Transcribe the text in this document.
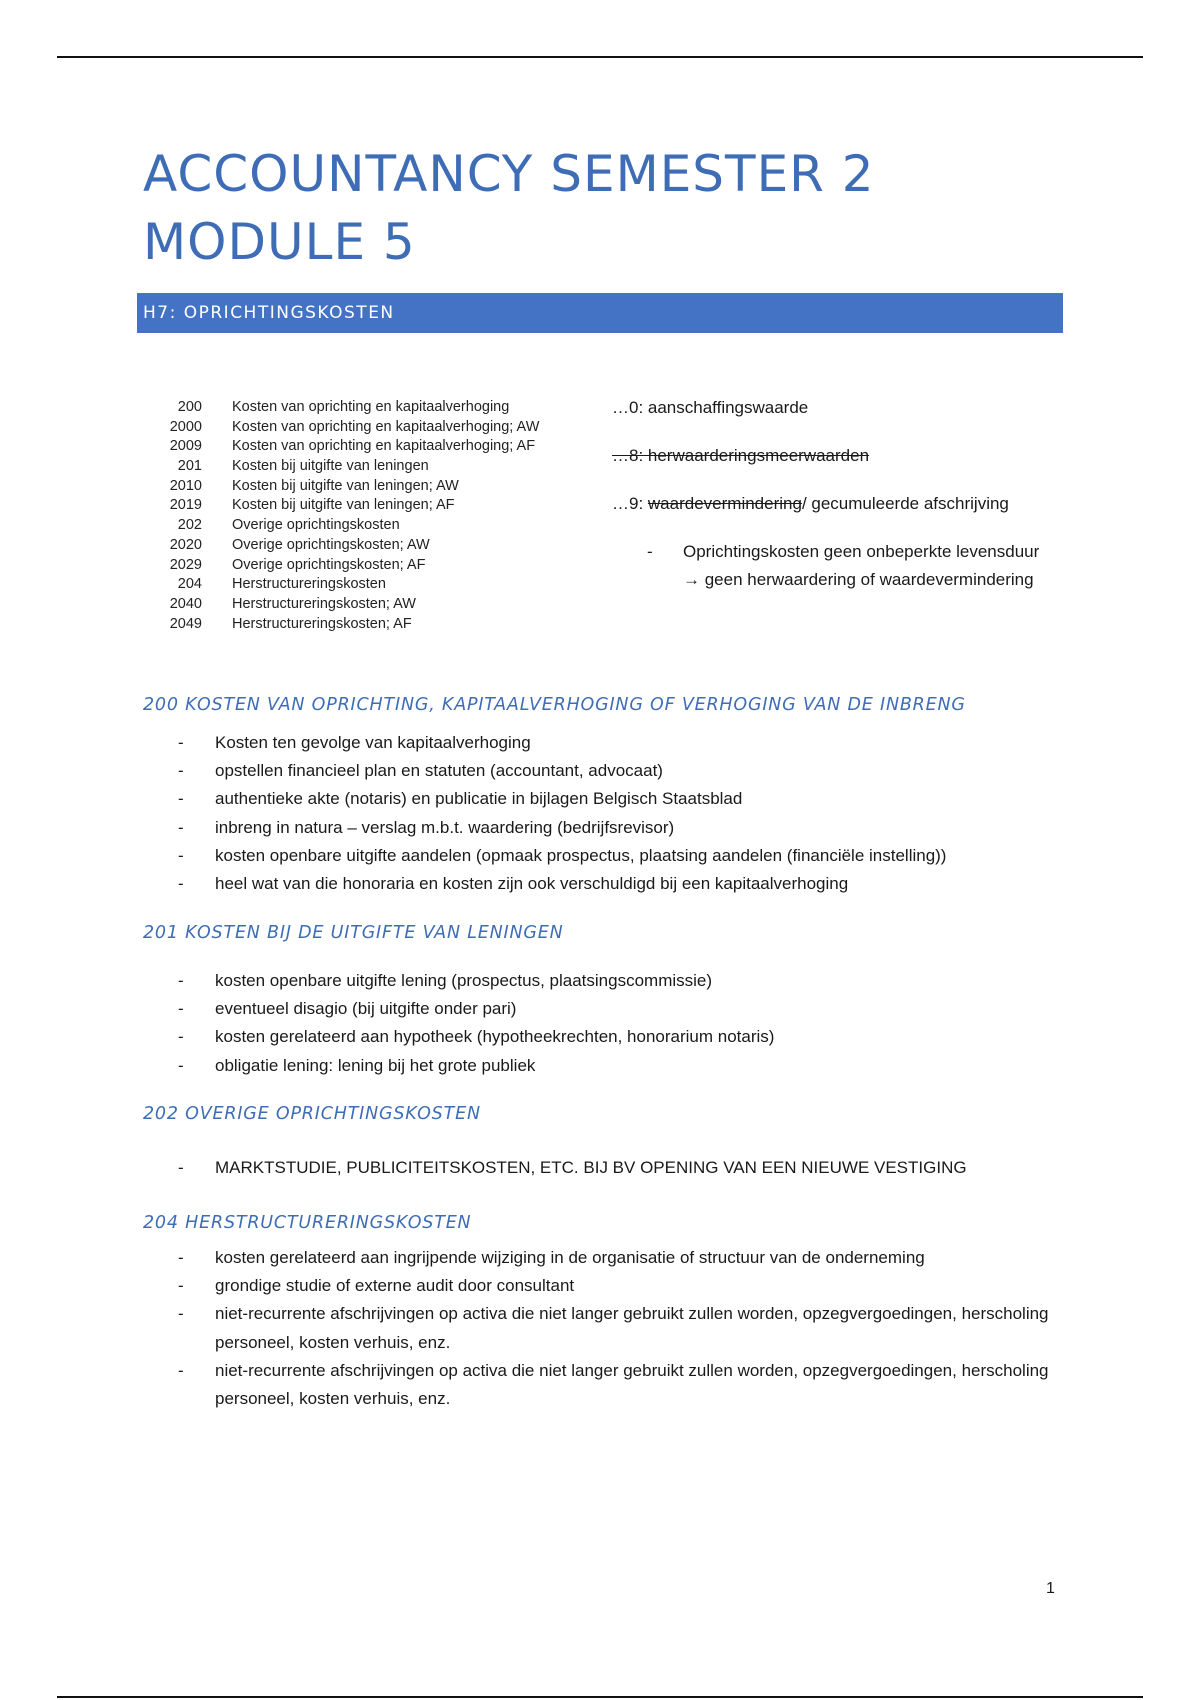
ACCOUNTANCY SEMESTER 2
MODULE 5
H7: OPRICHTINGSKOSTEN
200 Kosten van oprichting en kapitaalverhoging
2000 Kosten van oprichting en kapitaalverhoging; AW
2009 Kosten van oprichting en kapitaalverhoging; AF
201 Kosten bij uitgifte van leningen
2010 Kosten bij uitgifte van leningen; AW
2019 Kosten bij uitgifte van leningen; AF
202 Overige oprichtingskosten
2020 Overige oprichtingskosten; AW
2029 Overige oprichtingskosten; AF
204 Herstructureringskosten
2040 Herstructureringskosten; AW
2049 Herstructureringskosten; AF
…0: aanschaffingswaarde
…8: herwaarderingsmeerwaarden
…9: waardevermindering/ gecumuleerde afschrijving
- Oprichtingskosten geen onbeperkte levensduur → geen herwaardering of waardevermindering
200 KOSTEN VAN OPRICHTING, KAPITAALVERHOGING OF VERHOGING VAN DE INBRENG
- Kosten ten gevolge van kapitaalverhoging
- opstellen financieel plan en statuten (accountant, advocaat)
- authentieke akte (notaris) en publicatie in bijlagen Belgisch Staatsblad
- inbreng in natura – verslag m.b.t. waardering (bedrijfsrevisor)
- kosten openbare uitgifte aandelen (opmaak prospectus, plaatsing aandelen (financiële instelling))
- heel wat van die honoraria en kosten zijn ook verschuldigd bij een kapitaalverhoging
201 KOSTEN BIJ DE UITGIFTE VAN LENINGEN
- kosten openbare uitgifte lening (prospectus, plaatsingscommissie)
- eventueel disagio (bij uitgifte onder pari)
- kosten gerelateerd aan hypotheek (hypotheekrechten, honorarium notaris)
- obligatie lening: lening bij het grote publiek
202 OVERIGE OPRICHTINGSKOSTEN
- MARKTSTUDIE, PUBLICITEITSKOSTEN, ETC. BIJ BV OPENING VAN EEN NIEUWE VESTIGING
204 HERSTRUCTURERINGSKOSTEN
- kosten gerelateerd aan ingrijpende wijziging in de organisatie of structuur van de onderneming
- grondige studie of externe audit door consultant
- niet-recurrente afschrijvingen op activa die niet langer gebruikt zullen worden, opzegvergoedingen, herscholing personeel, kosten verhuis, enz.
- niet-recurrente afschrijvingen op activa die niet langer gebruikt zullen worden, opzegvergoedingen, herscholing personeel, kosten verhuis, enz.
1
